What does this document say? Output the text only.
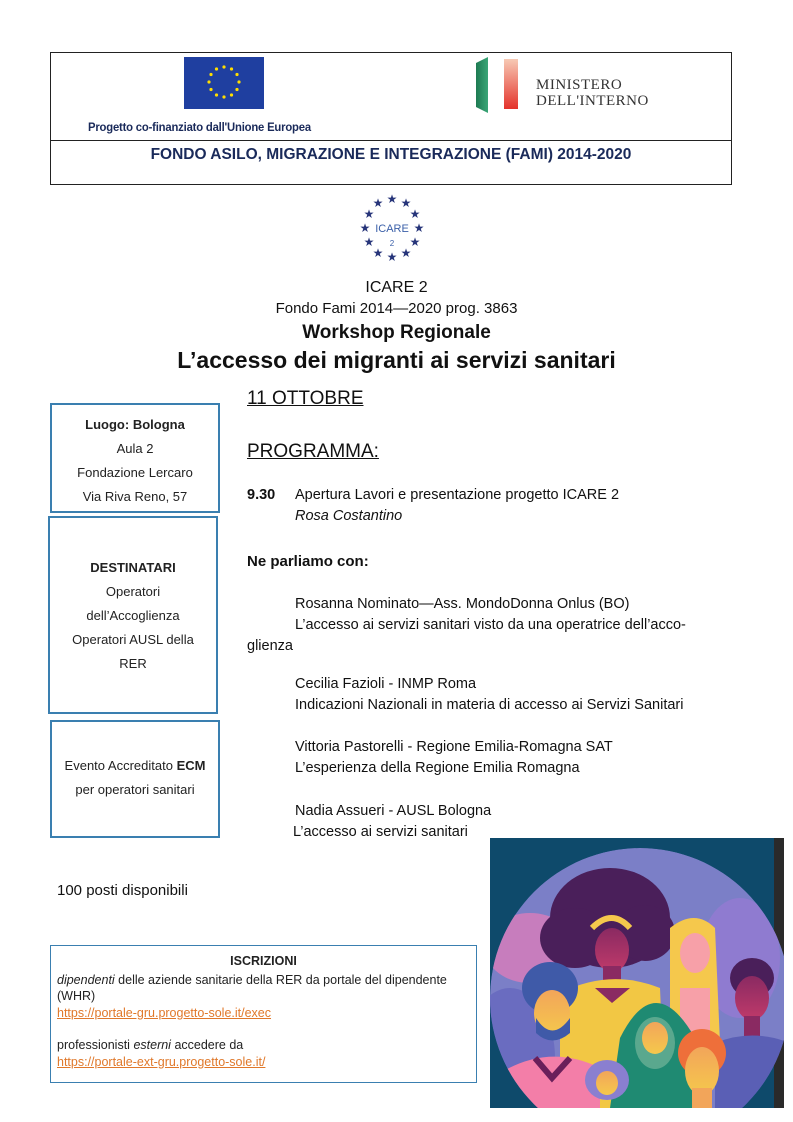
Progetto co-finanziato dall'Unione Europea
MINISTERO
DELL'INTERNO
FONDO ASILO, MIGRAZIONE E INTEGRAZIONE (FAMI) 2014-2020
★ ★
★
★
★
★
★
★
★
★
★
★
ICARE
2
ICARE 2
Fondo Fami 2014—2020 prog. 3863
Workshop Regionale
L’accesso dei migranti ai servizi sanitari
Luogo: Bologna
Aula 2
Fondazione Lercaro
Via Riva Reno, 57
DESTINATARI
Operatori
dell’Accoglienza
Operatori AUSL della
RER
Evento Accreditato ECM
per operatori sanitari
11 OTTOBRE
PROGRAMMA:
9.30 Apertura Lavori e presentazione progetto ICARE 2
Rosa Costantino
Ne parliamo con:
Rosanna Nominato—Ass. MondoDonna Onlus (BO)
L’accesso ai servizi sanitari visto da una operatrice dell’acco-
glienza
Cecilia Fazioli - INMP Roma
Indicazioni Nazionali in materia di accesso ai Servizi Sanitari
Vittoria Pastorelli - Regione Emilia-Romagna SAT
L’esperienza della Regione Emilia Romagna
Nadia Assueri - AUSL Bologna
L’accesso ai servizi sanitari
100 posti disponibili
ISCRIZIONI
dipendenti delle aziende sanitarie della RER da portale del dipendente (WHR)
https://portale-gru.progetto-sole.it/exec
professionisti esterni accedere da
https://portale-ext-gru.progetto-sole.it/
